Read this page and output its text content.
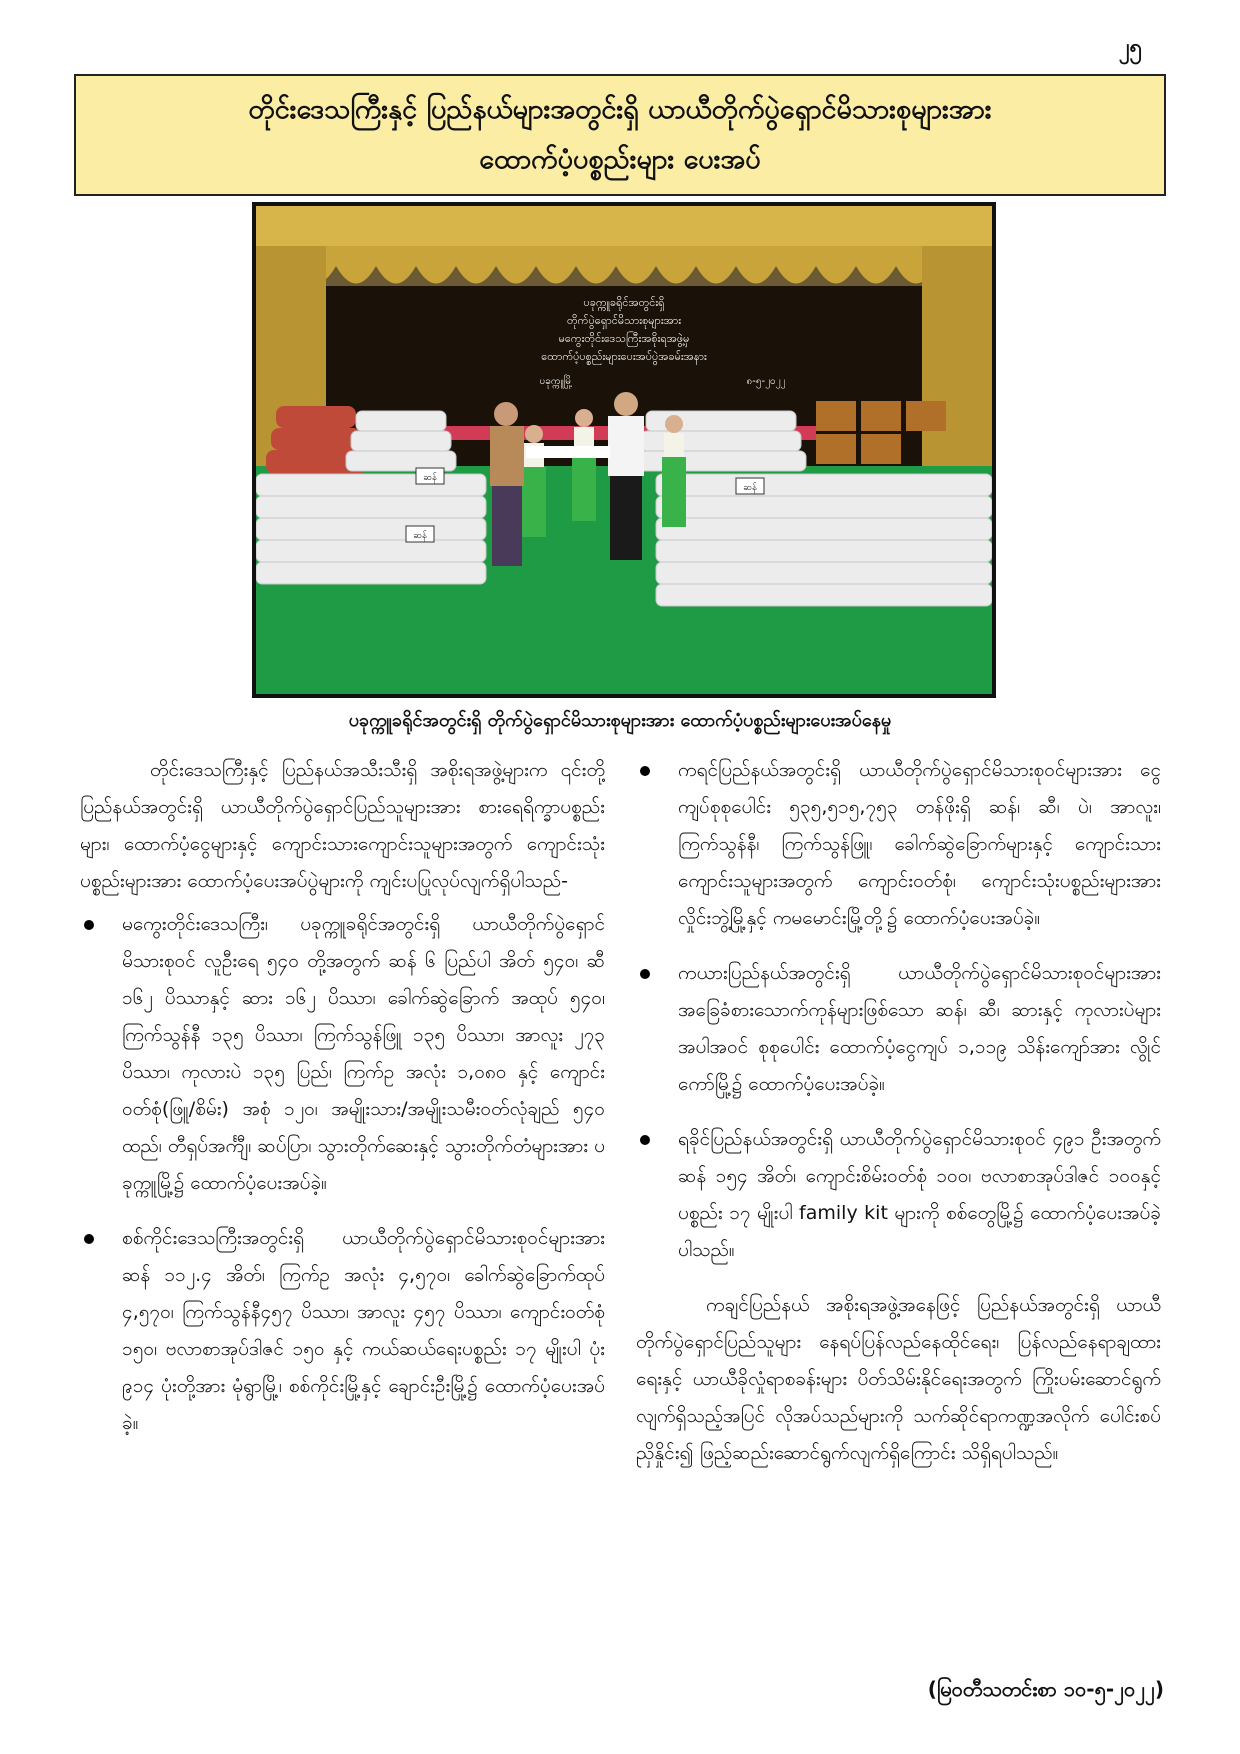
၂၅
တိုင်းဒေသကြီးနှင့် ပြည်နယ်များအတွင်းရှိ ယာယီတိုက်ပွဲရှောင်မိသားစုများအား
ထောက်ပံ့ပစ္စည်းများ ပေးအပ်
ပခုက္ကူခရိုင်အတွင်းရှိ
တိုက်ပွဲရှောင်မိသားစုများအား
မကွေးတိုင်းဒေသကြီးအစိုးရအဖွဲ့မှ
ထောက်ပံ့ပစ္စည်းများပေးအပ်ပွဲအခမ်းအနား
ပခုက္ကူမြို့	၈-၅-၂၀၂၂
ဆန်
ဆန်
ဆန်
ပခုက္ကူခရိုင်အတွင်းရှိ တိုက်ပွဲရှောင်မိသားစုများအား ထောက်ပံ့ပစ္စည်းများပေးအပ်နေမှု

တိုင်းဒေသကြီးနှင့် ပြည်နယ်အသီးသီးရှိ အစိုးရအဖွဲ့များက ၎င်းတို့ပြည်နယ်အတွင်းရှိ ယာယီတိုက်ပွဲရှောင်ပြည်သူများအား စားရေရိက္ခာပစ္စည်းများ၊ ထောက်ပံ့ငွေများနှင့် ကျောင်းသားကျောင်းသူများအတွက် ကျောင်းသုံးပစ္စည်းများအား ထောက်ပံ့ပေးအပ်ပွဲများကို ကျင်းပပြုလုပ်လျက်ရှိပါသည်-

မကွေးတိုင်းဒေသကြီး၊ ပခုက္ကူခရိုင်အတွင်းရှိ ယာယီတိုက်ပွဲရှောင်မိသားစုဝင် လူဦးရေ ၅၄၀ တို့အတွက် ဆန် ၆ ပြည်ပါ အိတ် ၅၄၀၊ ဆီ ၁၆၂ ပိဿာနှင့် ဆား ၁၆၂ ပိဿာ၊ ခေါက်ဆွဲခြောက် အထုပ် ၅၄၀၊ ကြက်သွန်နီ ၁၃၅ ပိဿာ၊ ကြက်သွန်ဖြူ ၁၃၅ ပိဿာ၊ အာလူး ၂၇၃ ပိဿာ၊ ကုလားပဲ ၁၃၅ ပြည်၊ ကြက်ဥ အလုံး ၁,၀၈၀ နှင့် ကျောင်းဝတ်စုံ(ဖြူ/စိမ်း) အစုံ ၁၂၀၊ အမျိုးသား/အမျိုးသမီးဝတ်လုံချည် ၅၄၀ ထည်၊ တီရှပ်အင်္ကျီ၊ ဆပ်ပြာ၊ သွားတိုက်ဆေးနှင့် သွားတိုက်တံများအား ပခုက္ကူမြို့၌ ထောက်ပံ့ပေးအပ်ခဲ့။
စစ်ကိုင်းဒေသကြီးအတွင်းရှိ ယာယီတိုက်ပွဲရှောင်မိသားစုဝင်များအား ဆန် ၁၁၂.၄ အိတ်၊ ကြက်ဥ အလုံး ၄,၅၇၀၊ ခေါက်ဆွဲခြောက်ထုပ် ၄,၅၇၀၊ ကြက်သွန်နီ၄၅၇ ပိဿာ၊ အာလူး ၄၅၇ ပိဿာ၊ ကျောင်းဝတ်စုံ ၁၅၀၊ ဗလာစာအုပ်ဒါဇင် ၁၅၀ နှင့် ကယ်ဆယ်ရေးပစ္စည်း ၁၇ မျိုးပါ ပုံး ၉၁၄ ပုံးတို့အား မုံရွာမြို့၊ စစ်ကိုင်းမြို့နှင့် ချောင်းဦးမြို့၌ ထောက်ပံ့ပေးအပ်ခဲ့။
ကရင်ပြည်နယ်အတွင်းရှိ ယာယီတိုက်ပွဲရှောင်မိသားစုဝင်များအား ငွေကျပ်စုစုပေါင်း ၅၃၅,၅၁၅,၇၅၃ တန်ဖိုးရှိ ဆန်၊ ဆီ၊ ပဲ၊ အာလူး၊ ကြက်သွန်နီ၊ ကြက်သွန်ဖြူ၊ ခေါက်ဆွဲခြောက်များနှင့် ကျောင်းသားကျောင်းသူများအတွက် ကျောင်းဝတ်စုံ၊ ကျောင်းသုံးပစ္စည်းများအား လှိုင်းဘွဲ့မြို့နှင့် ကမမောင်းမြို့တို့၌ ထောက်ပံ့ပေးအပ်ခဲ့။
ကယားပြည်နယ်အတွင်းရှိ ယာယီတိုက်ပွဲရှောင်မိသားစုဝင်များအား အခြေခံစားသောက်ကုန်များဖြစ်သော ဆန်၊ ဆီ၊ ဆားနှင့် ကုလားပဲများအပါအဝင် စုစုပေါင်း ထောက်ပံ့ငွေကျပ် ၁,၁၁၉ သိန်းကျော်အား လွိုင်ကော်မြို့၌ ထောက်ပံ့ပေးအပ်ခဲ့။
ရခိုင်ပြည်နယ်အတွင်းရှိ ယာယီတိုက်ပွဲရှောင်မိသားစုဝင် ၄၉၁ ဦးအတွက် ဆန် ၁၅၄ အိတ်၊ ကျောင်းစိမ်းဝတ်စုံ ၁၀၀၊ ဗလာစာအုပ်ဒါဇင် ၁၀၀နှင့် ပစ္စည်း ၁၇ မျိုးပါ family kit များကို စစ်တွေမြို့၌ ထောက်ပံ့ပေးအပ်ခဲ့ပါသည်။

ကချင်ပြည်နယ် အစိုးရအဖွဲ့အနေဖြင့် ပြည်နယ်အတွင်းရှိ ယာယီတိုက်ပွဲရှောင်ပြည်သူများ နေရပ်ပြန်လည်နေထိုင်ရေး၊ ပြန်လည်နေရာချထားရေးနှင့် ယာယီခိုလှုံရာစခန်းများ ပိတ်သိမ်းနိုင်ရေးအတွက် ကြိုးပမ်းဆောင်ရွက်လျက်ရှိသည့်အပြင် လိုအပ်သည်များကို သက်ဆိုင်ရာကဏ္ဍအလိုက် ပေါင်းစပ်ညှိနှိုင်း၍ ဖြည့်ဆည်းဆောင်ရွက်လျက်ရှိကြောင်း သိရှိရပါသည်။

(မြဝတီသတင်းစာ ၁၀-၅-၂၀၂၂)
